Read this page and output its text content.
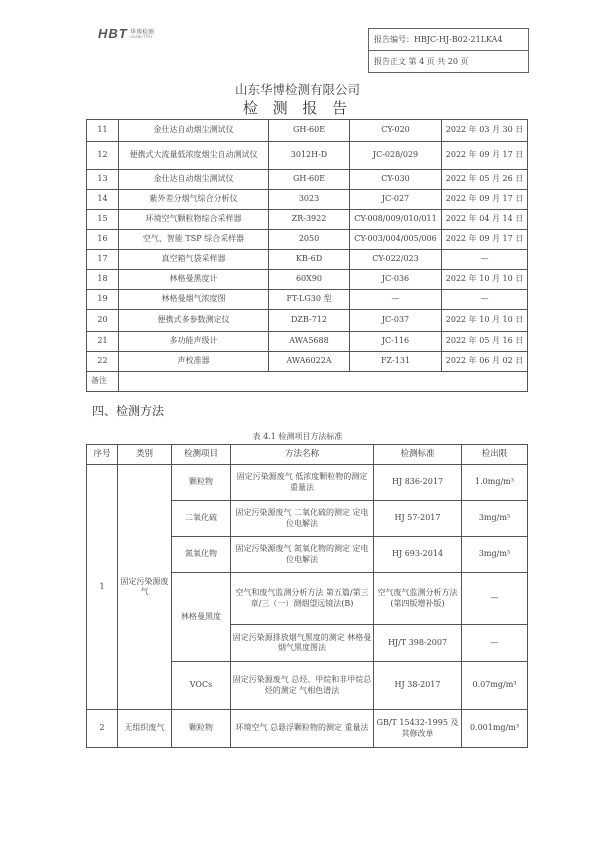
HBT 华博检测
HUABO TEST	报告编号：HBJC-HJ-B02-21LKA4
报告正文 第 4 页 共 20 页
山东华博检测有限公司
检 测 报 告
11	金仕达自动烟尘测试仪	GH-60E	CY-020	2022 年 03 月 30 日
12	便携式大流量低浓度烟尘自动测试仪	3012H-D	JC-028/029	2022 年 09 月 17 日
13	金仕达自动烟尘测试仪	GH-60E	CY-030	2022 年 05 月 26 日
14	紫外差分烟气综合分析仪	3023	JC-027	2022 年 09 月 17 日
15	环境空气颗粒物综合采样器	ZR-3922	CY-008/009/010/011	2022 年 04 月 14 日
16	空气、智能 TSP 综合采样器	2050	CY-003/004/005/006	2022 年 09 月 17 日
17	真空箱气袋采样器	KB-6D	CY-022/023	—
18	林格曼黑度计	60X90	JC-036	2022 年 10 月 10 日
19	林格曼烟气浓度图	FT-LG30 型	—	—
20	便携式多参数测定仪	DZB-712	JC-037	2022 年 10 月 10 日
21	多功能声级计	AWA5688	JC-116	2022 年 05 月 16 日
22	声校准器	AWA6022A	FZ-131	2022 年 06 月 02 日
备注				
四、检测方法
表 4.1 检测项目方法标准
序号	类别	检测项目	方法名称	检测标准	检出限
1	固定污染源废气	颗粒物	固定污染源废气 低浓度颗粒物的测定 重量法	HJ 836-2017	1.0mg/m³
		二氧化硫	固定污染源废气 二氧化硫的测定 定电位电解法	HJ 57-2017	3mg/m³
		氮氧化物	固定污染源废气 氮氧化物的测定 定电位电解法	HJ 693-2014	3mg/m³
		林格曼黑度	空气和废气监测分析方法 第五篇/第三章/三（一）测烟望远镜法(B)	空气废气监测分析方法(第四版增补版)	—
			固定污染源排放烟气黑度的测定 林格曼烟气黑度图法	HJ/T 398-2007	—
		VOCs	固定污染源废气 总烃、甲烷和非甲烷总烃的测定 气相色谱法	HJ 38-2017	0.07mg/m³
2	无组织废气	颗粒物	环境空气 总悬浮颗粒物的测定 重量法	GB/T 15432-1995 及其修改单	0.001mg/m³
